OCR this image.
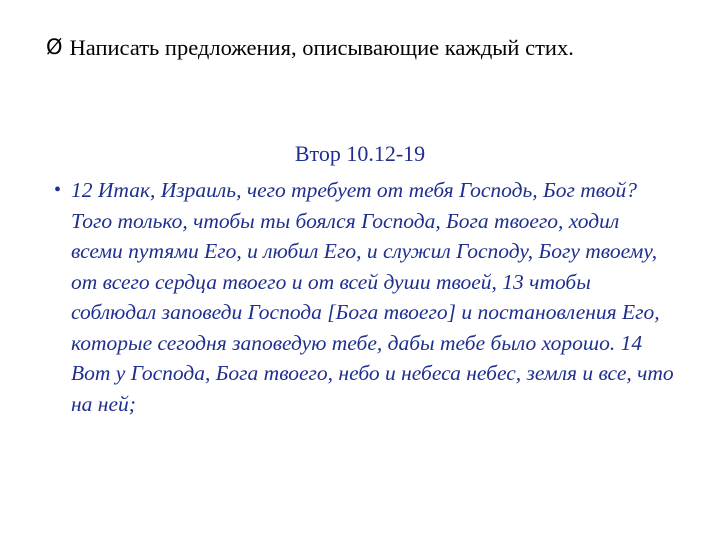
Ø Написать предложения, описывающие каждый стих.
Втор 10.12-19
• 12 Итак, Израиль, чего требует от тебя Господь, Бог твой? Того только, чтобы ты боялся Господа, Бога твоего, ходил всеми путями Его, и любил Его, и служил Господу, Богу твоему, от всего сердца твоего и от всей души твоей, 13 чтобы соблюдал заповеди Господа [Бога твоего] и постановления Его, которые сегодня заповедую тебе, дабы тебе было хорошо. 14 Вот у Господа, Бога твоего, небо и небеса небес, земля и все, что на ней;
